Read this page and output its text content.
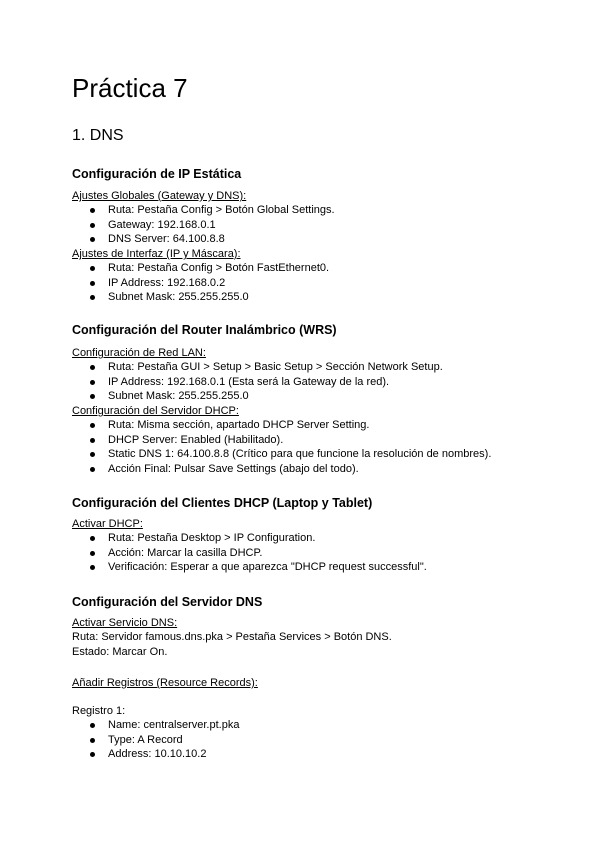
Práctica 7
1. DNS
Configuración de IP Estática
Ajustes Globales (Gateway y DNS):
Ruta: Pestaña Config > Botón Global Settings.
Gateway: 192.168.0.1
DNS Server: 64.100.8.8
Ajustes de Interfaz (IP y Máscara):
Ruta: Pestaña Config > Botón FastEthernet0.
IP Address: 192.168.0.2
Subnet Mask: 255.255.255.0
Configuración del Router Inalámbrico (WRS)
Configuración de Red LAN:
Ruta: Pestaña GUI > Setup > Basic Setup > Sección Network Setup.
IP Address: 192.168.0.1 (Esta será la Gateway de la red).
Subnet Mask: 255.255.255.0
Configuración del Servidor DHCP:
Ruta: Misma sección, apartado DHCP Server Setting.
DHCP Server: Enabled (Habilitado).
Static DNS 1: 64.100.8.8 (Crítico para que funcione la resolución de nombres).
Acción Final: Pulsar Save Settings (abajo del todo).
Configuración del Clientes DHCP (Laptop y Tablet)
Activar DHCP:
Ruta: Pestaña Desktop > IP Configuration.
Acción: Marcar la casilla DHCP.
Verificación: Esperar a que aparezca "DHCP request successful".
Configuración del Servidor DNS
Activar Servicio DNS:
Ruta: Servidor famous.dns.pka > Pestaña Services > Botón DNS.
Estado: Marcar On.
Añadir Registros (Resource Records):
Registro 1:
Name: centralserver.pt.pka
Type: A Record
Address: 10.10.10.2
